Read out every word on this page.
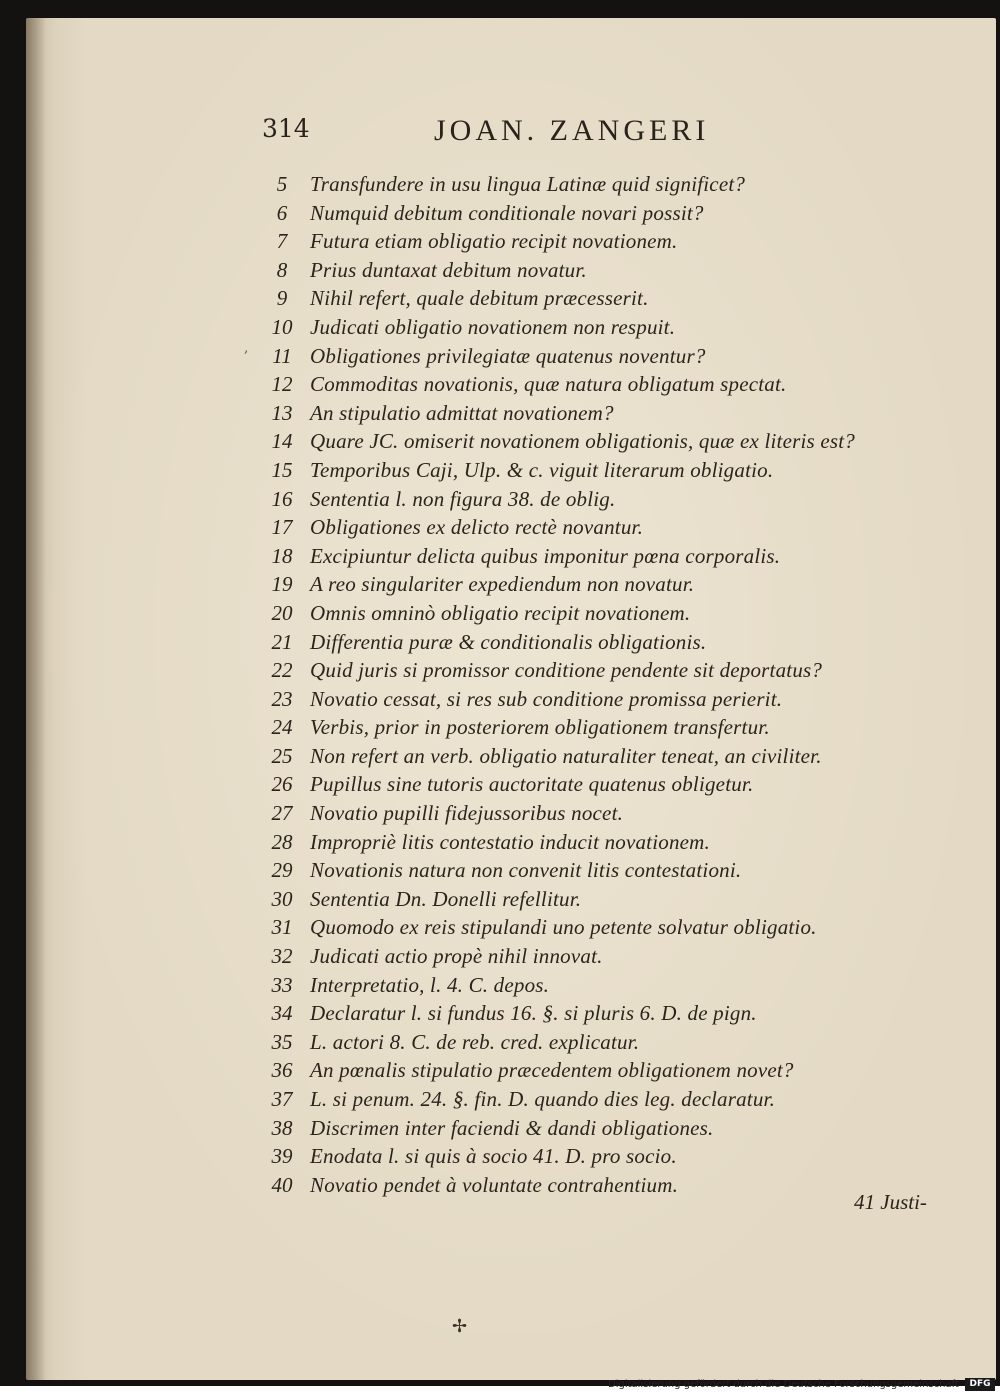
314	JOAN. ZANGERI
,
5	Transfundere in usu lingua Latinæ quid significet?
6	Numquid debitum conditionale novari possit?
7	Futura etiam obligatio recipit novationem.
8	Prius duntaxat debitum novatur.
9	Nihil refert, quale debitum præcesserit.
10 Judicati obligatio novationem non respuit.
11 Obligationes privilegiatæ quatenus noventur?
12 Commoditas novationis, quæ natura obligatum spectat.
13 An stipulatio admittat novationem?
14 Quare JC. omiserit novationem obligationis, quæ ex literis est?
15 Temporibus Caji, Ulp. & c. viguit literarum obligatio.
16 Sententia l. non figura 38. de oblig.
17 Obligationes ex delicto rectè novantur.
18 Excipiuntur delicta quibus imponitur pœna corporalis.
19 A reo singulariter expediendum non novatur.
20 Omnis omninò obligatio recipit novationem.
21 Differentia puræ & conditionalis obligationis.
22 Quid juris si promissor conditione pendente sit deportatus?
23 Novatio cessat, si res sub conditione promissa perierit.
24 Verbis, prior in posteriorem obligationem transfertur.
25 Non refert an verb. obligatio naturaliter teneat, an civiliter.
26 Pupillus sine tutoris auctoritate quatenus obligetur.
27 Novatio pupilli fidejussoribus nocet.
28 Impropriè litis contestatio inducit novationem.
29 Novationis natura non convenit litis contestationi.
30 Sententia Dn. Donelli refellitur.
31 Quomodo ex reis stipulandi uno petente solvatur obligatio.
32 Judicati actio propè nihil innovat.
33 Interpretatio, l. 4. C. depos.
34 Declaratur l. si fundus 16. §. si pluris 6. D. de pign.
35 L. actori 8. C. de reb. cred. explicatur.
36 An pœnalis stipulatio præcedentem obligationem novet?
37 L. si penum. 24. §. fin. D. quando dies leg. declaratur.
38 Discrimen inter faciendi & dandi obligationes.
39 Enodata l. si quis à socio 41. D. pro socio.
40 Novatio pendet à voluntate contrahentium.
41 Justi-
✢
Digitalisierung gefördert durch die Deutsche Forschungsgemeinschaft	DFG
